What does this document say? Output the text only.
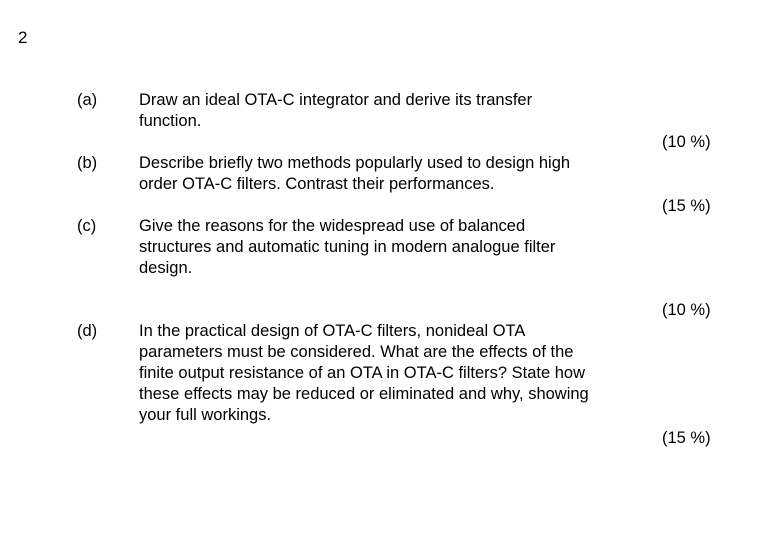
2
(a)	Draw an ideal OTA-C integrator and derive its transfer
function.
(10 %)
(b)	Describe briefly two methods popularly used to design high
order OTA-C filters. Contrast their performances.
(15 %)
(c)	Give the reasons for the widespread use of balanced
structures and automatic tuning in modern analogue filter
design.
(10 %)
(d)	In the practical design of OTA-C filters, nonideal OTA
parameters must be considered. What are the effects of the
finite output resistance of an OTA in OTA-C filters? State how
these effects may be reduced or eliminated and why, showing
your full workings.
(15 %)
